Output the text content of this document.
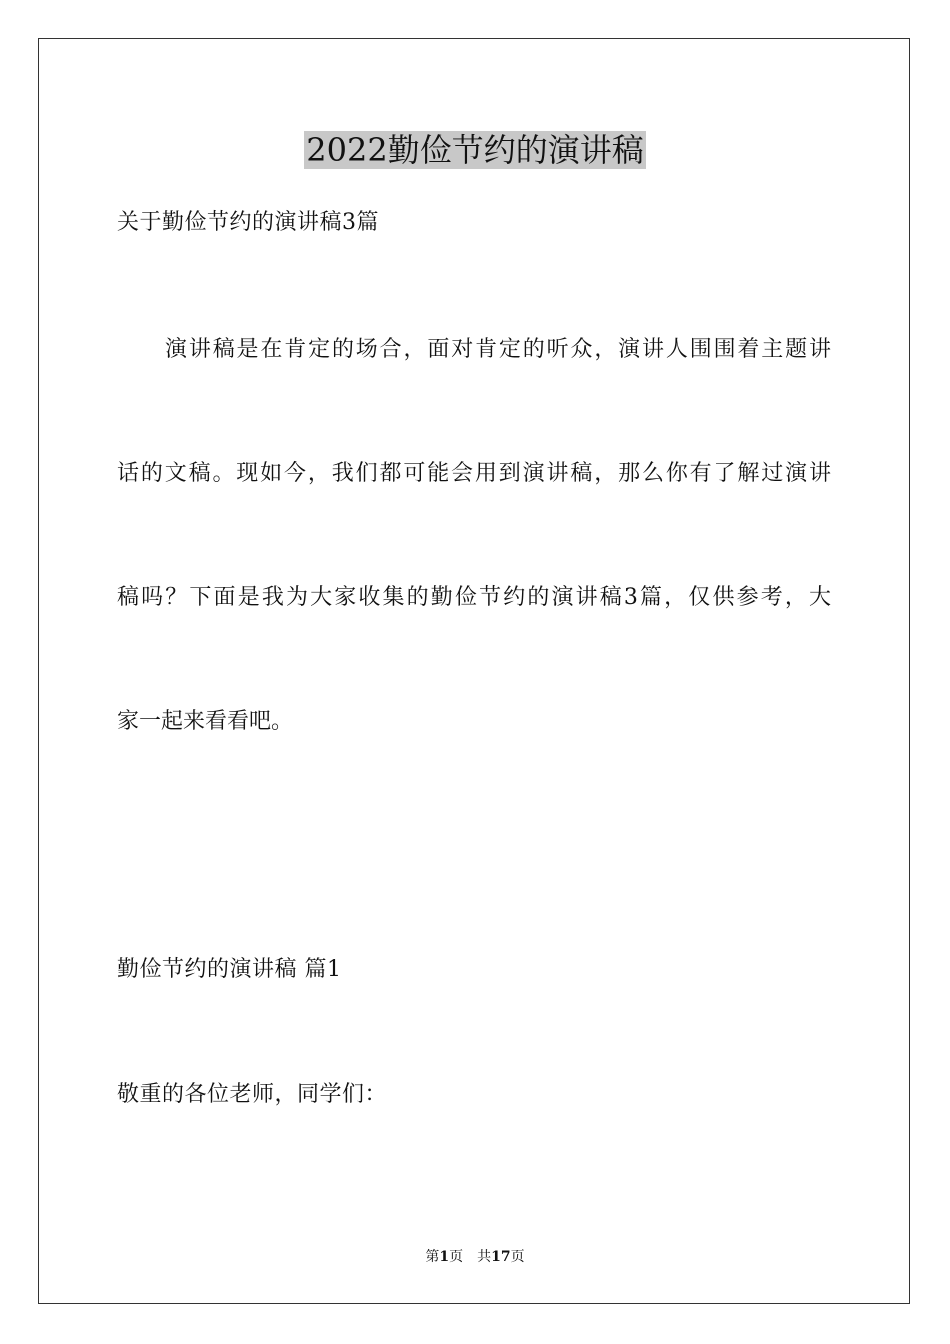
2022勤俭节约的演讲稿
关于勤俭节约的演讲稿3篇
演讲稿是在肯定的场合，面对肯定的听众，演讲人围围着主题讲
话的文稿。现如今，我们都可能会用到演讲稿，那么你有了解过演讲
稿吗？下面是我为大家收集的勤俭节约的演讲稿3篇，仅供参考，大
家一起来看看吧。
勤俭节约的演讲稿 篇1
敬重的各位老师，同学们：
第1页 共17页
